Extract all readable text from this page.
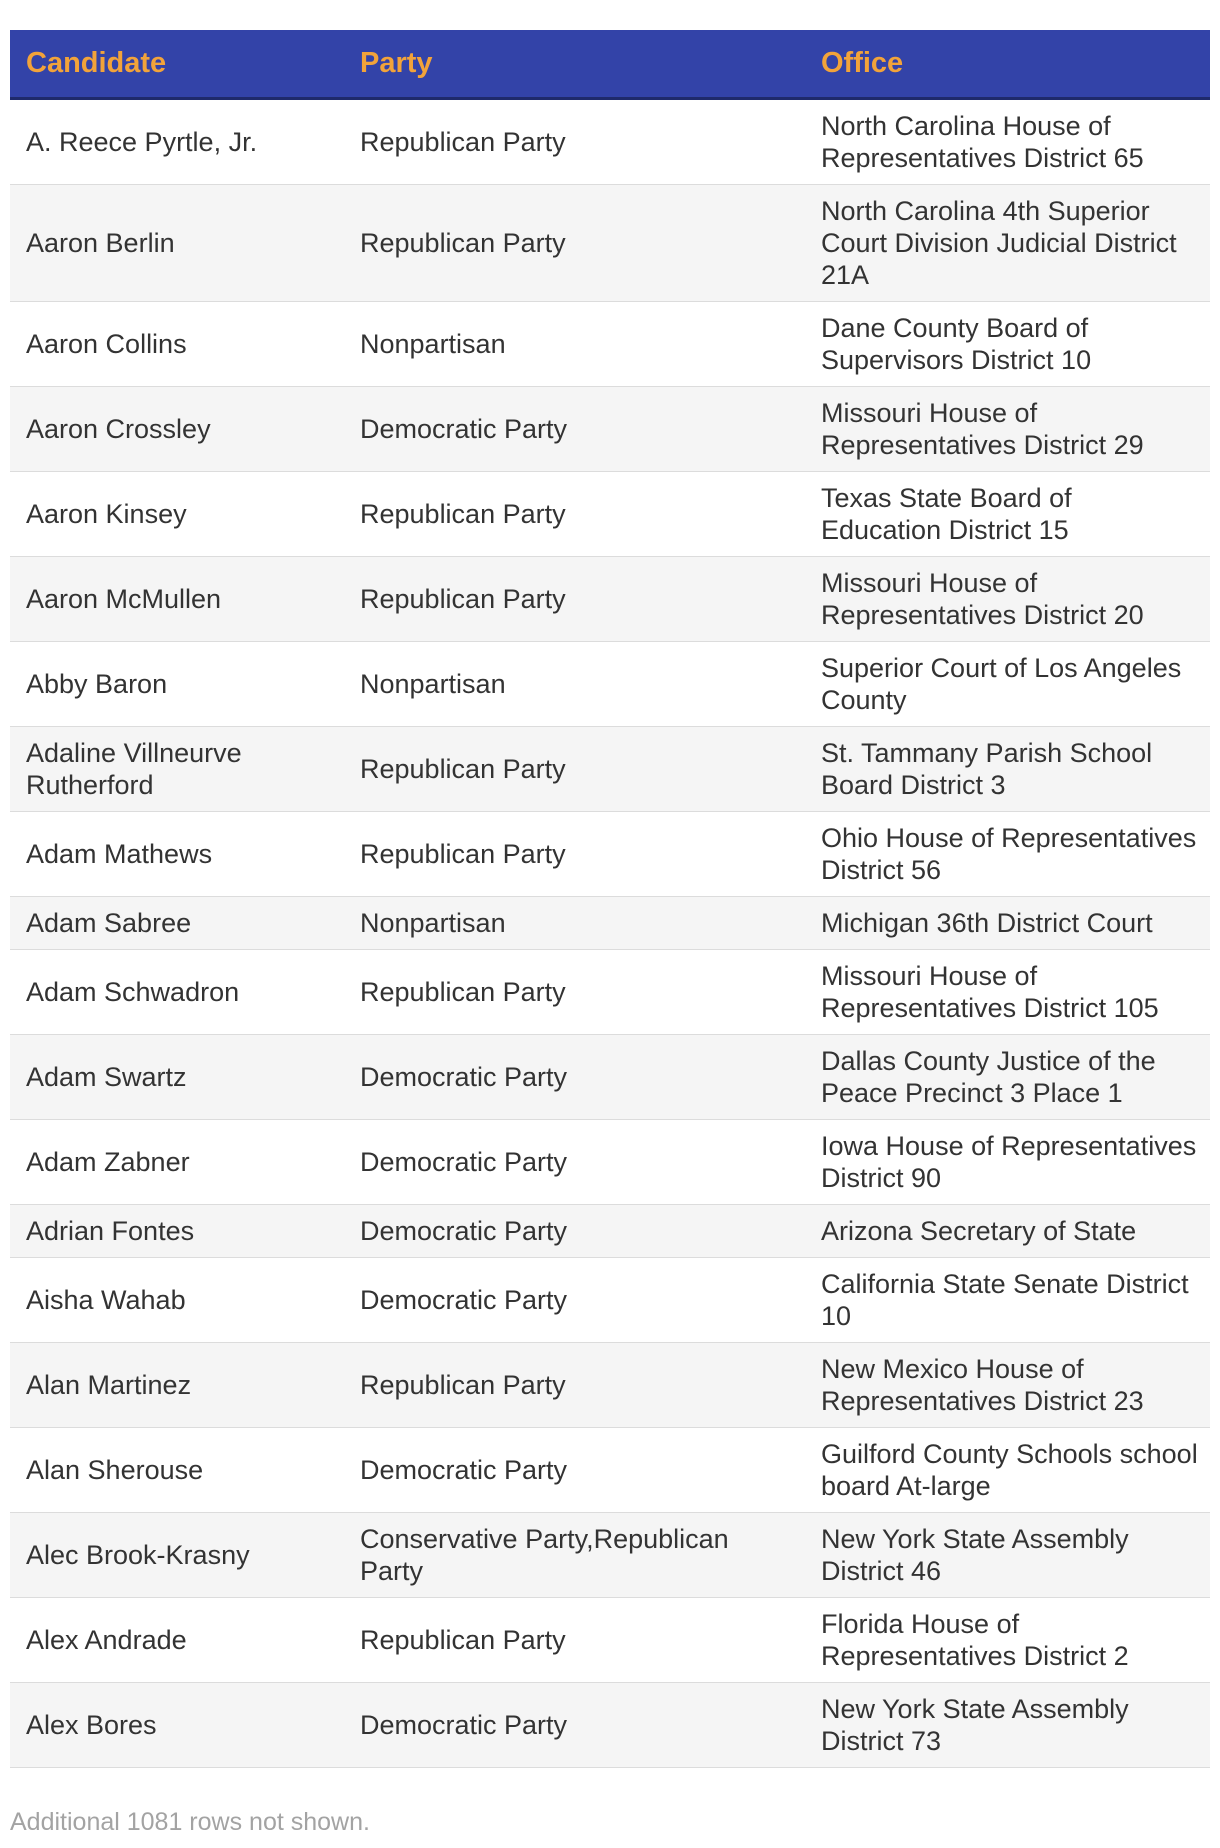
Candidate	Party	Office
A. Reece Pyrtle, Jr.	Republican Party	North Carolina House of Representatives District 65
Aaron Berlin	Republican Party	North Carolina 4th Superior Court Division Judicial District 21A
Aaron Collins	Nonpartisan	Dane County Board of Supervisors District 10
Aaron Crossley	Democratic Party	Missouri House of Representatives District 29
Aaron Kinsey	Republican Party	Texas State Board of Education District 15
Aaron McMullen	Republican Party	Missouri House of Representatives District 20
Abby Baron	Nonpartisan	Superior Court of Los Angeles County
Adaline Villneurve Rutherford	Republican Party	St. Tammany Parish School Board District 3
Adam Mathews	Republican Party	Ohio House of Representatives District 56
Adam Sabree	Nonpartisan	Michigan 36th District Court
Adam Schwadron	Republican Party	Missouri House of Representatives District 105
Adam Swartz	Democratic Party	Dallas County Justice of the Peace Precinct 3 Place 1
Adam Zabner	Democratic Party	Iowa House of Representatives District 90
Adrian Fontes	Democratic Party	Arizona Secretary of State
Aisha Wahab	Democratic Party	California State Senate District 10
Alan Martinez	Republican Party	New Mexico House of Representatives District 23
Alan Sherouse	Democratic Party	Guilford County Schools school board At-large
Alec Brook-Krasny	Conservative Party,Republican Party	New York State Assembly District 46
Alex Andrade	Republican Party	Florida House of Representatives District 2
Alex Bores	Democratic Party	New York State Assembly District 73
Additional 1081 rows not shown.
